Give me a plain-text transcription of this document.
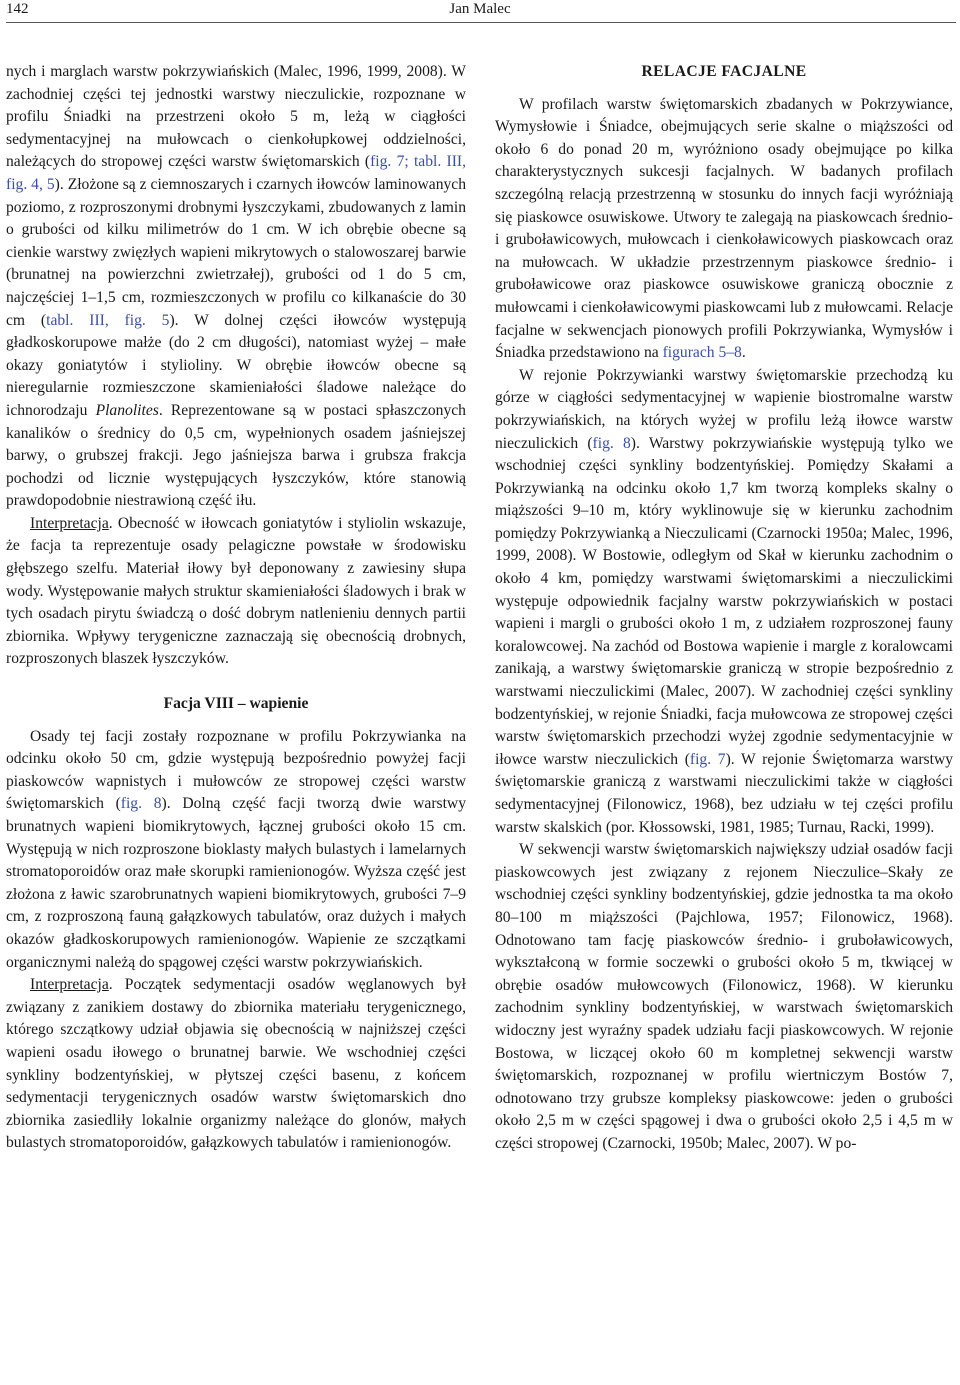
142	Jan Malec

nych i marglach warstw pokrzywiańskich (Malec, 1996, 1999, 2008). W zachodniej części tej jednostki warstwy nieczulickie, rozpoznane w profilu Śniadki na przestrzeni około 5 m, leżą w ciągłości sedymentacyjnej na mułowcach o cienkołupkowej oddzielności, należących do stropowej części warstw świętomarskich (fig. 7; tabl. III, fig. 4, 5). Złożone są z ciemnoszarych i czarnych iłowców laminowanych poziomo, z rozproszonymi drobnymi łyszczykami, zbudowanych z lamin o grubości od kilku milimetrów do 1 cm. W ich obrębie obecne są cienkie warstwy zwięzłych wapieni mikrytowych o stalowoszarej barwie (brunatnej na powierzchni zwietrzałej), grubości od 1 do 5 cm, najczęściej 1–1,5 cm, rozmieszczonych w profilu co kilkanaście do 30 cm (tabl. III, fig. 5). W dolnej części iłowców występują gładkoskorupowe małże (do 2 cm długości), natomiast wyżej – małe okazy goniatytów i stylioliny. W obrębie iłowców obecne są nieregularnie rozmieszczone skamieniałości śladowe należące do ichnorodzaju Planolites. Reprezentowane są w postaci spłaszczonych kanalików o średnicy do 0,5 cm, wypełnionych osadem jaśniejszej barwy, o grubszej frakcji. Jego jaśniejsza barwa i grubsza frakcja pochodzi od licznie występujących łyszczyków, które stanowią prawdopodobnie niestrawioną część iłu.

Interpretacja. Obecność w iłowcach goniatytów i styliolin wskazuje, że facja ta reprezentuje osady pelagiczne powstałe w środowisku głębszego szelfu. Materiał iłowy był deponowany z zawiesiny słupa wody. Występowanie małych struktur skamieniałości śladowych i brak w tych osadach pirytu świadczą o dość dobrym natlenieniu dennych partii zbiornika. Wpływy terygeniczne zaznaczają się obecnością drobnych, rozproszonych blaszek łyszczyków.

Facja VIII – wapienie

Osady tej facji zostały rozpoznane w profilu Pokrzywianka na odcinku około 50 cm, gdzie występują bezpośrednio powyżej facji piaskowców wapnistych i mułowców ze stropowej części warstw świętomarskich (fig. 8). Dolną część facji tworzą dwie warstwy brunatnych wapieni biomikrytowych, łącznej grubości około 15 cm. Występują w nich rozproszone bioklasty małych bulastych i lamelarnych stromatoporoidów oraz małe skorupki ramienionogów. Wyższa część jest złożona z ławic szarobrunatnych wapieni biomikrytowych, grubości 7–9 cm, z rozproszoną fauną gałązkowych tabulatów, oraz dużych i małych okazów gładkoskorupowych ramienionogów. Wapienie ze szczątkami organicznymi należą do spągowej części warstw pokrzywiańskich.

Interpretacja. Początek sedymentacji osadów węglanowych był związany z zanikiem dostawy do zbiornika materiału terygenicznego, którego szczątkowy udział objawia się obecnością w najniższej części wapieni osadu iłowego o brunatnej barwie. We wschodniej części synkliny bodzentyńskiej, w płytszej części basenu, z końcem sedymentacji terygenicznych osadów warstw świętomarskich dno zbiornika zasiedliły lokalnie organizmy należące do glonów, małych bulastych stromatoporoidów, gałązkowych tabulatów i ramienionogów.

RELACJE FACJALNE

W profilach warstw świętomarskich zbadanych w Pokrzywiance, Wymysłowie i Śniadce, obejmujących serie skalne o miąższości od około 6 do ponad 20 m, wyróżniono osady obejmujące po kilka charakterystycznych sukcesji facjalnych. W badanych profilach szczególną relacją przestrzenną w stosunku do innych facji wyróżniają się piaskowce osuwiskowe. Utwory te zalegają na piaskowcach średnio- i gruboławicowych, mułowcach i cienkoławicowych piaskowcach oraz na mułowcach. W układzie przestrzennym piaskowce średnio- i gruboławicowe oraz piaskowce osuwiskowe graniczą obocznie z mułowcami i cienkoławicowymi piaskowcami lub z mułowcami. Relacje facjalne w sekwencjach pionowych profili Pokrzywianka, Wymysłów i Śniadka przedstawiono na figurach 5–8.

W rejonie Pokrzywianki warstwy świętomarskie przechodzą ku górze w ciągłości sedymentacyjnej w wapienie biostromalne warstw pokrzywiańskich, na których wyżej w profilu leżą iłowce warstw nieczulickich (fig. 8). Warstwy pokrzywiańskie występują tylko we wschodniej części synkliny bodzentyńskiej. Pomiędzy Skałami a Pokrzywianką na odcinku około 1,7 km tworzą kompleks skalny o miąższości 9–10 m, który wyklinowuje się w kierunku zachodnim pomiędzy Pokrzywianką a Nieczulicami (Czarnocki 1950a; Malec, 1996, 1999, 2008). W Bostowie, odległym od Skał w kierunku zachodnim o około 4 km, pomiędzy warstwami świętomarskimi a nieczulickimi występuje odpowiednik facjalny warstw pokrzywiańskich w postaci wapieni i margli o grubości około 1 m, z udziałem rozproszonej fauny koralowcowej. Na zachód od Bostowa wapienie i margle z koralowcami zanikają, a warstwy świętomarskie graniczą w stropie bezpośrednio z warstwami nieczulickimi (Malec, 2007). W zachodniej części synkliny bodzentyńskiej, w rejonie Śniadki, facja mułowcowa ze stropowej części warstw świętomarskich przechodzi wyżej zgodnie sedymentacyjnie w iłowce warstw nieczulickich (fig. 7). W rejonie Świętomarza warstwy świętomarskie graniczą z warstwami nieczulickimi także w ciągłości sedymentacyjnej (Filonowicz, 1968), bez udziału w tej części profilu warstw skalskich (por. Kłossowski, 1981, 1985; Turnau, Racki, 1999).

W sekwencji warstw świętomarskich największy udział osadów facji piaskowcowych jest związany z rejonem Nieczulice–Skały ze wschodniej części synkliny bodzentyńskiej, gdzie jednostka ta ma około 80–100 m miąższości (Pajchlowa, 1957; Filonowicz, 1968). Odnotowano tam fację piaskowców średnio- i gruboławicowych, wykształconą w formie soczewki o grubości około 5 m, tkwiącej w obrębie osadów mułowcowych (Filonowicz, 1968). W kierunku zachodnim synkliny bodzentyńskiej, w warstwach świętomarskich widoczny jest wyraźny spadek udziału facji piaskowcowych. W rejonie Bostowa, w liczącej około 60 m kompletnej sekwencji warstw świętomarskich, rozpoznanej w profilu wiertniczym Bostów 7, odnotowano trzy grubsze kompleksy piaskowcowe: jeden o grubości około 2,5 m w części spągowej i dwa o grubości około 2,5 i 4,5 m w części stropowej (Czarnocki, 1950b; Malec, 2007). W po-
